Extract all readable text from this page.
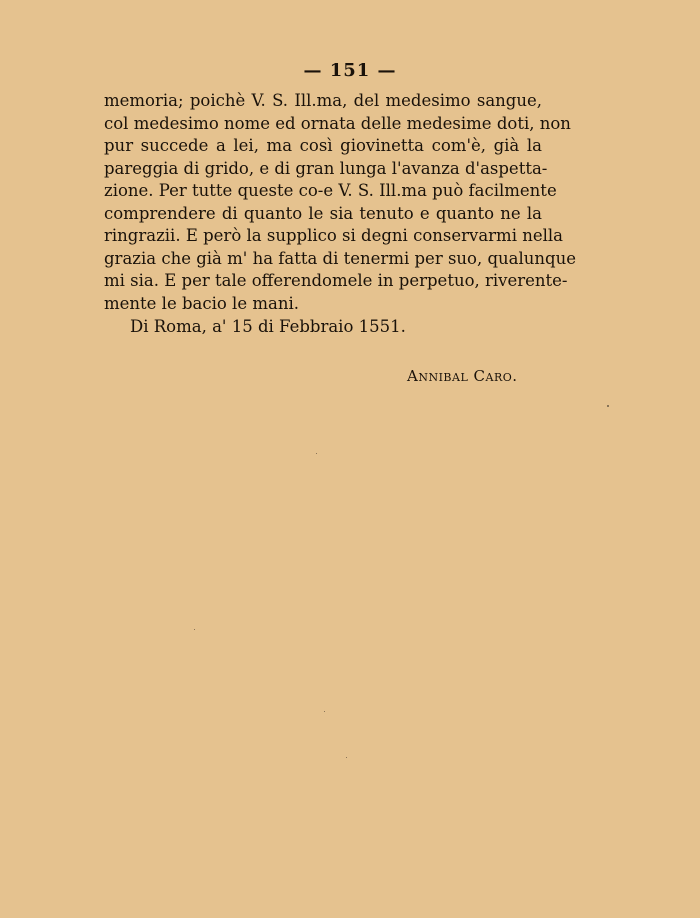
— 151 —
memoria; poichè V. S. Ill.ma, del medesimo sangue,
col medesimo nome ed ornata delle medesime doti, non
pur succede a lei, ma così giovinetta com'è, già la
pareggia di grido, e di gran lunga l'avanza d'aspetta-
zione. Per tutte queste co-e V. S. Ill.ma può facilmente
comprendere di quanto le sia tenuto e quanto ne la
ringrazii. E però la supplico si degni conservarmi nella
grazia che già m' ha fatta di tenermi per suo, qualunque
mi sia. E per tale offerendomele in perpetuo, riverente-
mente le bacio le mani.
Di Roma, a' 15 di Febbraio 1551.
Annibal Caro.
